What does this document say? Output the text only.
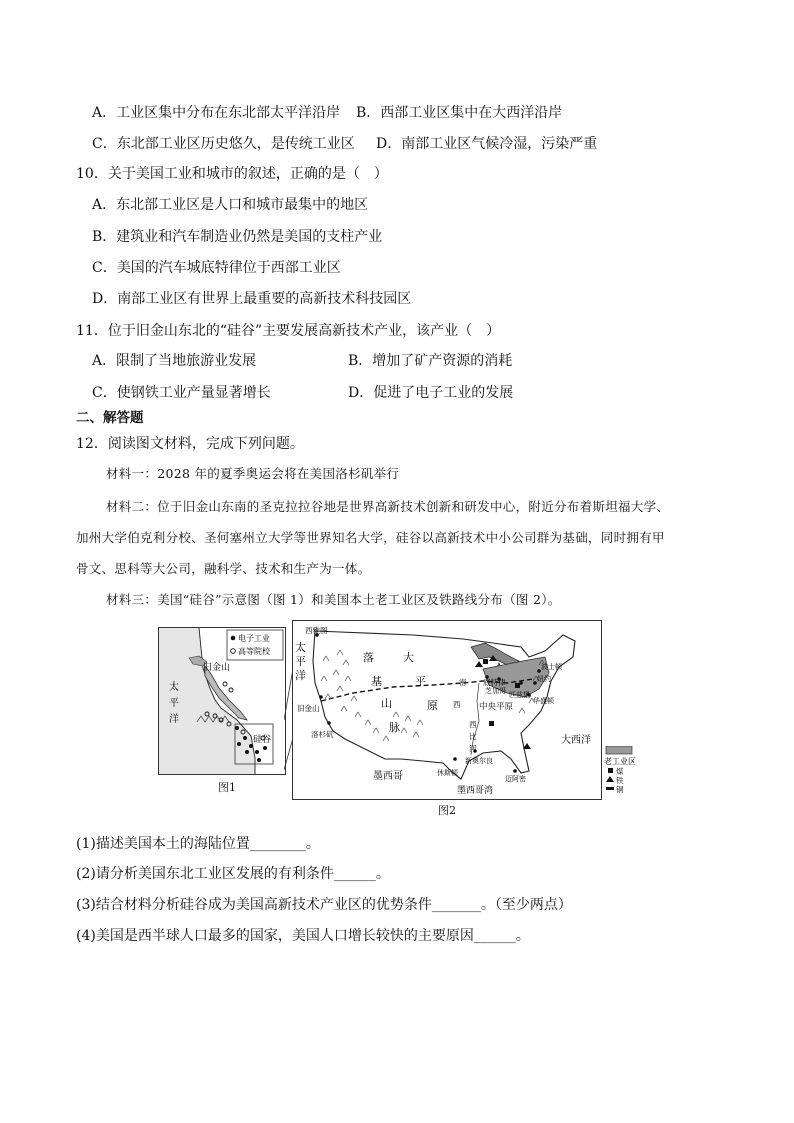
A．工业区集中分布在东北部太平洋沿岸 B．西部工业区集中在大西洋沿岸
C．东北部工业区历史悠久，是传统工业区 D．南部工业区气候冷湿，污染严重
10．关于美国工业和城市的叙述，正确的是（　）
A．东北部工业区是人口和城市最集中的地区
B．建筑业和汽车制造业仍然是美国的支柱产业
C．美国的汽车城底特律位于西部工业区
D．南部工业区有世界上最重要的高新技术科技园区
11．位于旧金山东北的“硅谷”主要发展高新技术产业，该产业（　）
A．限制了当地旅游业发展	B．增加了矿产资源的消耗
C．使钢铁工业产量显著增长	D．促进了电子工业的发展
二、解答题
12．阅读图文材料，完成下列问题。
材料一：2028 年的夏季奥运会将在美国洛杉矶举行
材料二：位于旧金山东南的圣克拉拉谷地是世界高新技术创新和研发中心，附近分布着斯坦福大学、
加州大学伯克利分校、圣何塞州立大学等世界知名大学，硅谷以高新技术中小公司群为基础，同时拥有甲
骨文、思科等大公司，融科学、技术和生产为一体。
材料三：美国“硅谷”示意图（图 1）和美国本土老工业区及铁路线分布（图 2）。
电子工业
高等院校
旧金山
太
平
洋
硅谷
图1
西雅图
太
平
洋
落
基
山
脉
大
平
原
旧金山
洛杉矶
底特律
芝加哥 匹兹堡
波士顿
纽约
华盛顿
中央平原
密
西
西
比
河
新奥尔良
休斯顿
迈阿密
墨西哥
墨西哥湾
大西洋
图2
老工业区
煤
铁
铜
(1)描述美国本土的海陆位置________。
(2)请分析美国东北工业区发展的有利条件______。
(3)结合材料分析硅谷成为美国高新技术产业区的优势条件_______。（至少两点）
(4)美国是西半球人口最多的国家，美国人口增长较快的主要原因______。
